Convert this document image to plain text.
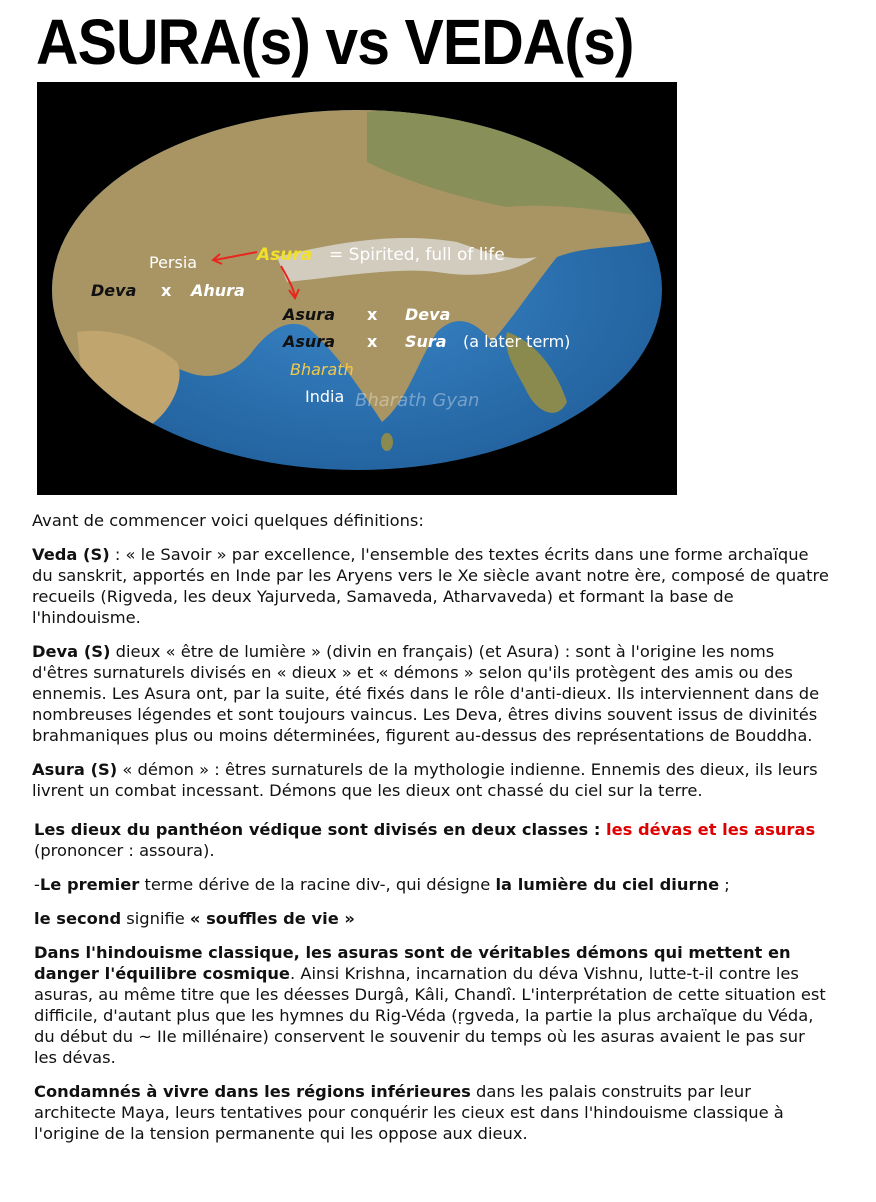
ASURA(s) vs VEDA(s)
Asura = Spirited, full of life
Persia
Deva x Ahura
Asura x Deva
Asura x Sura (a later term)
Bharath
India Bharath Gyan

Avant de commencer voici quelques définitions:

Veda (S) : « le Savoir » par excellence, l'ensemble des textes écrits dans une forme archaïque du sanskrit, apportés en Inde par les Aryens vers le Xe siècle avant notre ère, composé de quatre recueils (Rigveda, les deux Yajurveda, Samaveda, Atharvaveda) et formant la base de l'hindouisme.

Deva (S) dieux « être de lumière » (divin en français) (et Asura) : sont à l'origine les noms d'êtres surnaturels divisés en « dieux » et « démons » selon qu'ils protègent des amis ou des ennemis. Les Asura ont, par la suite, été fixés dans le rôle d'anti-dieux. Ils interviennent dans de nombreuses légendes et sont toujours vaincus. Les Deva, êtres divins souvent issus de divinités brahmaniques plus ou moins déterminées, figurent au-dessus des représentations de Bouddha.

Asura (S) « démon » : êtres surnaturels de la mythologie indienne. Ennemis des dieux, ils leurs livrent un combat incessant. Démons que les dieux ont chassé du ciel sur la terre.

Les dieux du panthéon védique sont divisés en deux classes : les dévas et les asuras (prononcer : assoura).

-Le premier terme dérive de la racine div-, qui désigne la lumière du ciel diurne ;

le second signifie « souffles de vie »

Dans l'hindouisme classique, les asuras sont de véritables démons qui mettent en danger l'équilibre cosmique. Ainsi Krishna, incarnation du déva Vishnu, lutte-t-il contre les asuras, au même titre que les déesses Durgâ, Kâli, Chandî. L'interprétation de cette situation est difficile, d'autant plus que les hymnes du Rig-Véda (ṛgveda, la partie la plus archaïque du Véda, du début du ~ IIe millénaire) conservent le souvenir du temps où les asuras avaient le pas sur les dévas.

Condamnés à vivre dans les régions inférieures dans les palais construits par leur architecte Maya, leurs tentatives pour conquérir les cieux est dans l'hindouisme classique à l'origine de la tension permanente qui les oppose aux dieux.
